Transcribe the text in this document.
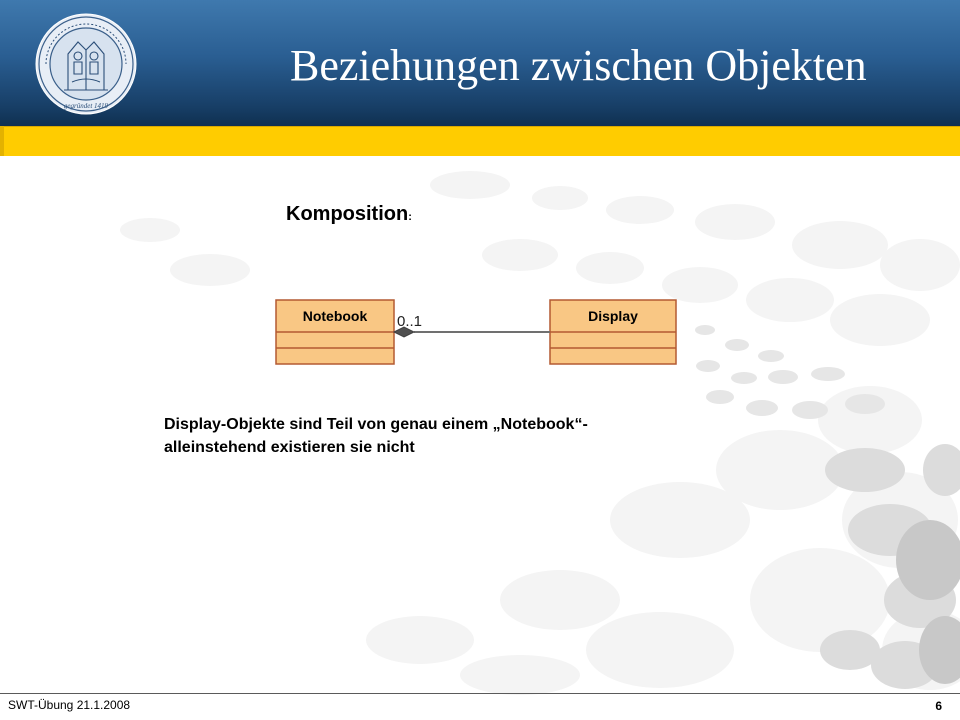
gegründet 1419
Beziehungen zwischen Objekten
Komposition:
Notebook	Display
0..1
Display-Objekte sind Teil von genau einem „Notebook“-
alleinstehend existieren sie nicht
SWT-Übung 21.1.2008	6
